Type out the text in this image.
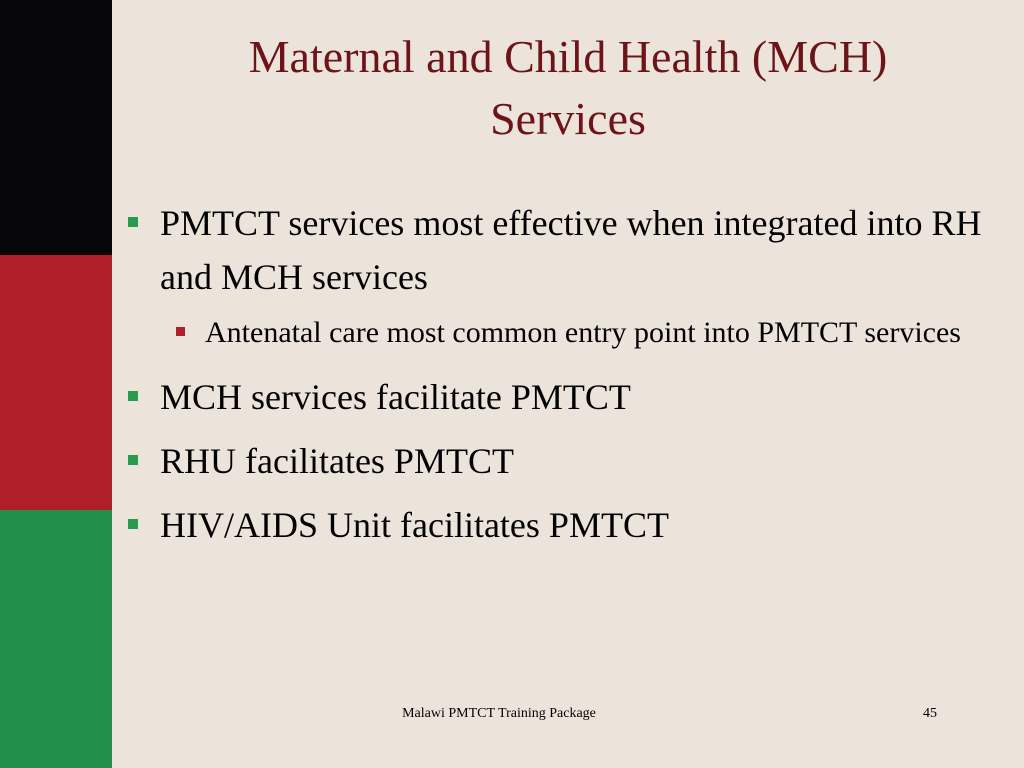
Maternal and Child Health (MCH)
Services
PMTCT services most effective when integrated into RH and MCH services
Antenatal care most common entry point into PMTCT services
MCH services facilitate PMTCT
RHU facilitates PMTCT
HIV/AIDS Unit facilitates PMTCT
Malawi PMTCT Training Package	45
